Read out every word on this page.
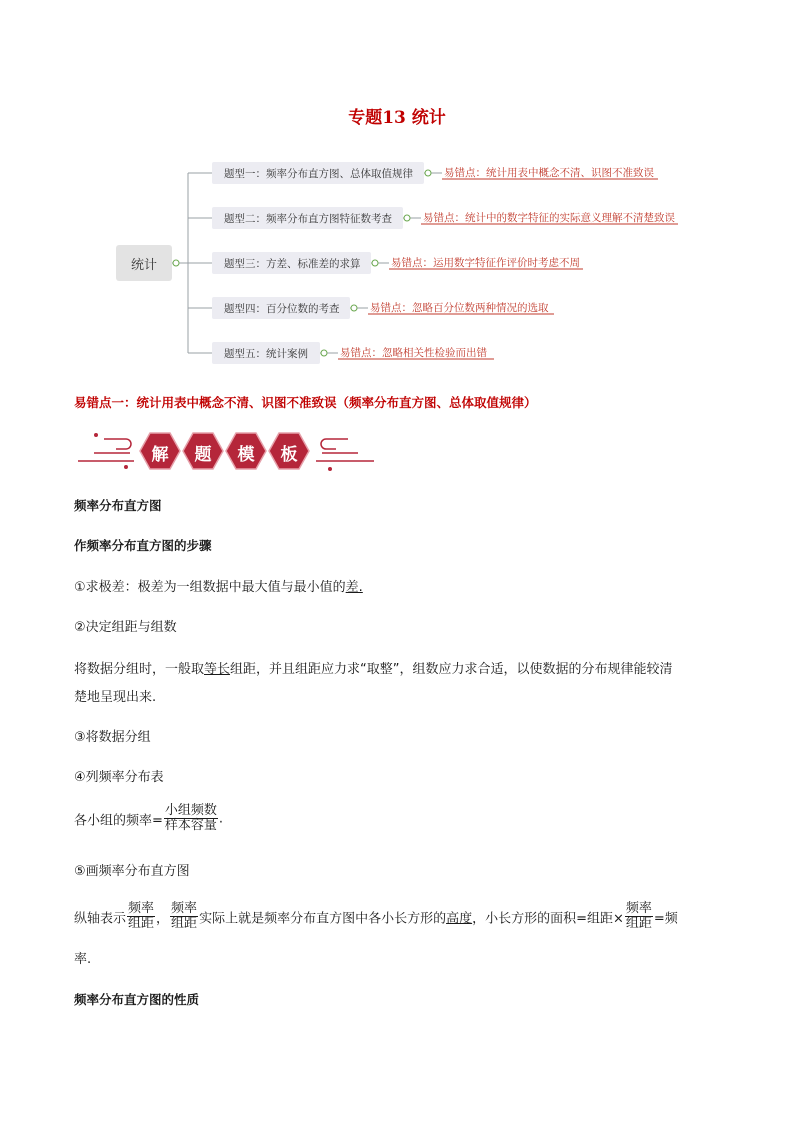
专题13 统计
统计
题型一：频率分布直方图、总体取值规律	易错点：统计用表中概念不清、识图不准致误
题型二：频率分布直方图特征数考查	易错点：统计中的数字特征的实际意义理解不清楚致误
题型三：方差、标准差的求算	易错点：运用数字特征作评价时考虑不周
题型四：百分位数的考查	易错点：忽略百分位数两种情况的选取
题型五：统计案例	易错点：忽略相关性检验而出错
易错点一：统计用表中概念不清、识图不准致误（频率分布直方图、总体取值规律）
解 题 模 板
频率分布直方图
作频率分布直方图的步骤
①求极差：极差为一组数据中最大值与最小值的差.
②决定组距与组数
将数据分组时，一般取等长组距，并且组距应力求“取整”，组数应力求合适，以使数据的分布规律能较清
楚地呈现出来.
③将数据分组
④列频率分布表
各小组的频率= $\frac{\text{小组频数}}{\text{样本容量}}$ .
⑤画频率分布直方图
纵轴表示 $\frac{\text{频率}}{\text{组距}}$ ， $\frac{\text{频率}}{\text{组距}}$ 实际上就是频率分布直方图中各小长方形的高度，小长方形的面积=组距× $\frac{\text{频率}}{\text{组距}}$ =频
率.
频率分布直方图的性质
